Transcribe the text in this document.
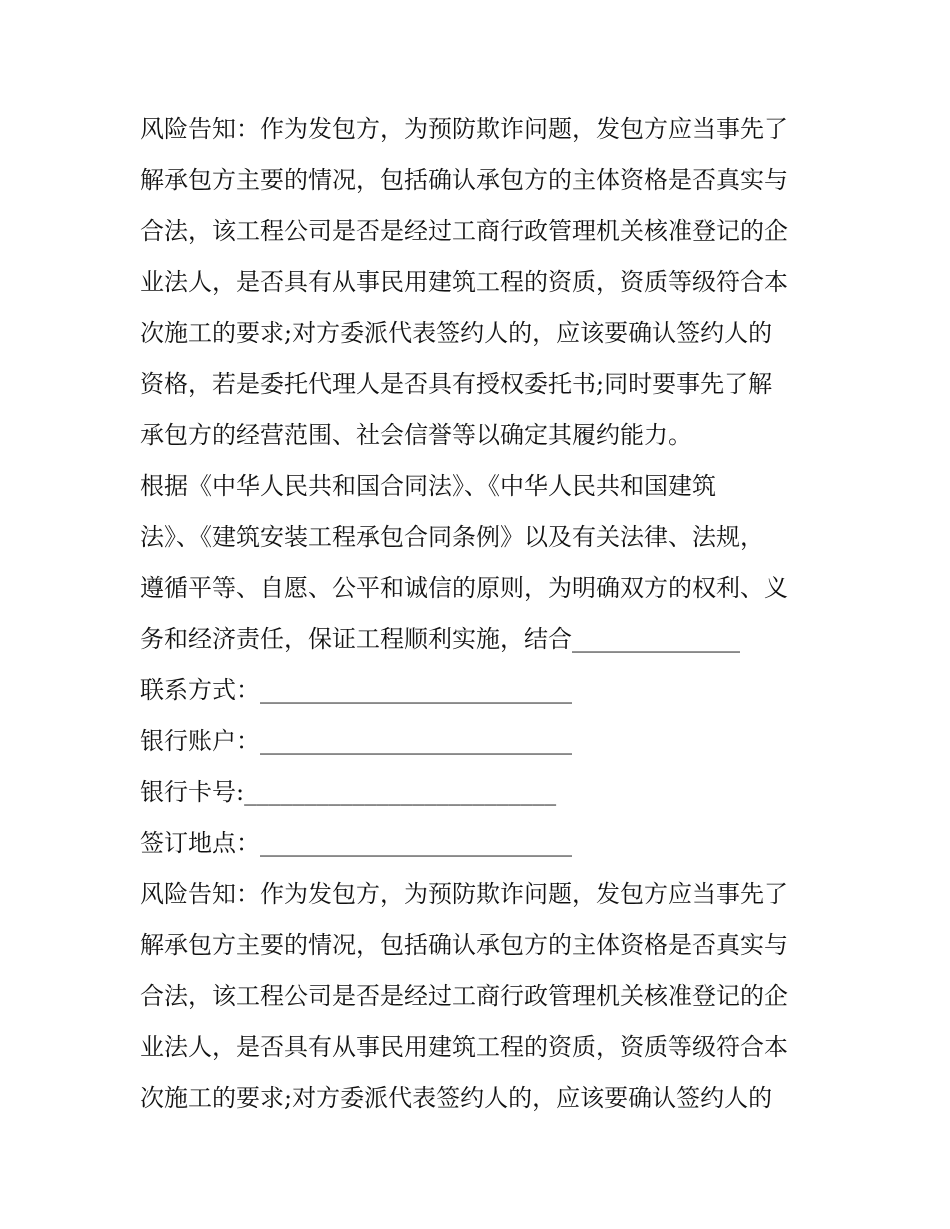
风险告知：作为发包方，为预防欺诈问题，发包方应当事先了
解承包方主要的情况，包括确认承包方的主体资格是否真实与
合法，该工程公司是否是经过工商行政管理机关核准登记的企
业法人，是否具有从事民用建筑工程的资质，资质等级符合本
次施工的要求;对方委派代表签约人的，应该要确认签约人的
资格，若是委托代理人是否具有授权委托书;同时要事先了解
承包方的经营范围、社会信誉等以确定其履约能力。
根据《中华人民共和国合同法》、《中华人民共和国建筑
法》、《建筑安装工程承包合同条例》以及有关法律、法规，
遵循平等、自愿、公平和诚信的原则，为明确双方的权利、义
务和经济责任，保证工程顺利实施，结合______________
联系方式：__________________________
银行账户：__________________________
银行卡号:__________________________
签订地点：__________________________
风险告知：作为发包方，为预防欺诈问题，发包方应当事先了
解承包方主要的情况，包括确认承包方的主体资格是否真实与
合法，该工程公司是否是经过工商行政管理机关核准登记的企
业法人，是否具有从事民用建筑工程的资质，资质等级符合本
次施工的要求;对方委派代表签约人的，应该要确认签约人的
